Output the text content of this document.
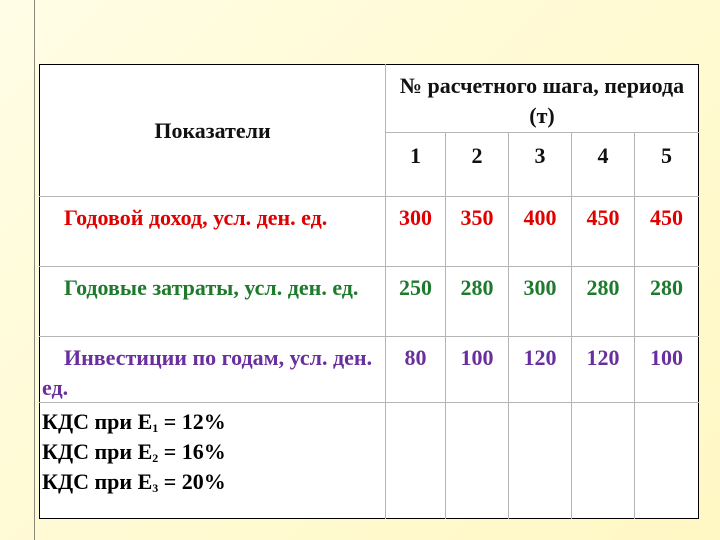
Показатели	№ расчетного шага, периода (т)				
	1	2	3	4	5
Годовой доход, усл. ден. ед.	300	350	400	450	450
Годовые затраты, усл. ден. ед.	250	280	300	280	280
Инвестиции по годам, усл. ден. ед.	80	100	120	120	100

КДС при $Е_1 = 12\%$
КДС при $Е_2 = 16\%$
КДС при $Е_3 = 20\%$					
